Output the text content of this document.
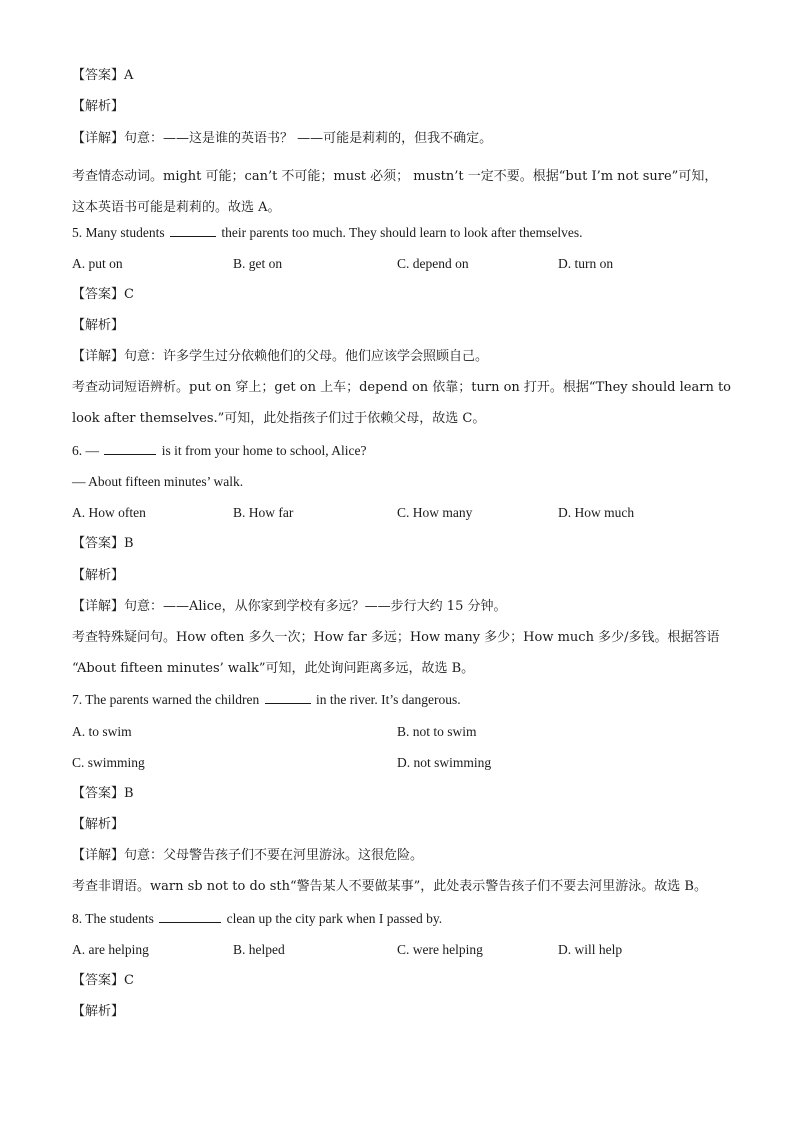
【答案】A
【解析】
【详解】句意：——这是谁的英语书？ ——可能是莉莉的，但我不确定。
考查情态动词。might 可能；can’t 不可能；must 必须； mustn’t 一定不要。根据“but I’m not sure”可知，这本英语书可能是莉莉的。故选 A。
5. Many students	their parents too much. They should learn to look after themselves.
A. put on	B. get on	C. depend on	D. turn on
【答案】C
【解析】
【详解】句意：许多学生过分依赖他们的父母。他们应该学会照顾自己。
考查动词短语辨析。put on 穿上；get on 上车；depend on 依靠；turn on 打开。根据“They should learn to
look after themselves.”可知，此处指孩子们过于依赖父母，故选 C。
6. —	is it from your home to school, Alice?
— About fifteen minutes’ walk.
A. How often	B. How far	C. How many	D. How much
【答案】B
【解析】
【详解】句意：——Alice，从你家到学校有多远？——步行大约 15 分钟。
考查特殊疑问句。How often 多久一次；How far 多远；How many 多少；How much 多少/多钱。根据答语
“About fifteen minutes’ walk”可知，此处询问距离多远，故选 B。
7. The parents warned the children	in the river. It’s dangerous.
A. to swim	B. not to swim
C. swimming	D. not swimming
【答案】B
【解析】
【详解】句意：父母警告孩子们不要在河里游泳。这很危险。
考查非谓语。warn sb not to do sth“警告某人不要做某事”，此处表示警告孩子们不要去河里游泳。故选 B。
8. The students	clean up the city park when I passed by.
A. are helping	B. helped	C. were helping	D. will help
【答案】C
【解析】
